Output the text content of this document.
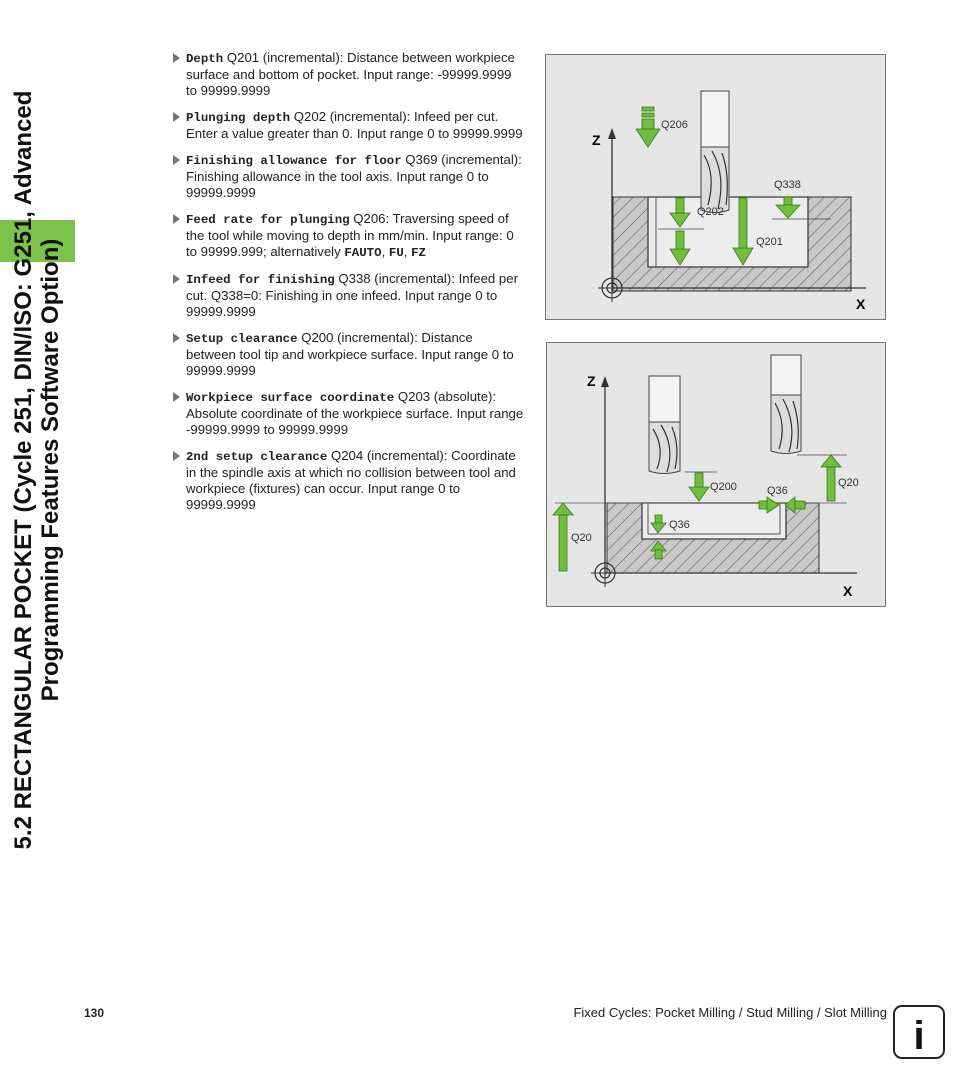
5.2 RECTANGULAR POCKET (Cycle 251, DIN/ISO: G251, Advanced Programming Features Software Option)
Depth Q201 (incremental): Distance between workpiece surface and bottom of pocket. Input range: -99999.9999 to 99999.9999
Plunging depth Q202 (incremental): Infeed per cut. Enter a value greater than 0. Input range 0 to 99999.9999
Finishing allowance for floor Q369 (incremental): Finishing allowance in the tool axis. Input range 0 to 99999.9999
Feed rate for plunging Q206: Traversing speed of the tool while moving to depth in mm/min. Input range: 0 to 99999.999; alternatively FAUTO, FU, FZ
Infeed for finishing Q338 (incremental): Infeed per cut. Q338=0: Finishing in one infeed. Input range 0 to 99999.9999
Setup clearance Q200 (incremental): Distance between tool tip and workpiece surface. Input range 0 to 99999.9999
Workpiece surface coordinate Q203 (absolute): Absolute coordinate of the workpiece surface. Input range -99999.9999 to 99999.9999
2nd setup clearance Q204 (incremental): Coordinate in the spindle axis at which no collision between tool and workpiece (fixtures) can occur. Input range 0 to 99999.9999
Z
X
Q206
Q202
Q201
Q338
Z
X
Q200	Q36
Q36
Q20
Q20
130	Fixed Cycles: Pocket Milling / Stud Milling / Slot Milling
i
